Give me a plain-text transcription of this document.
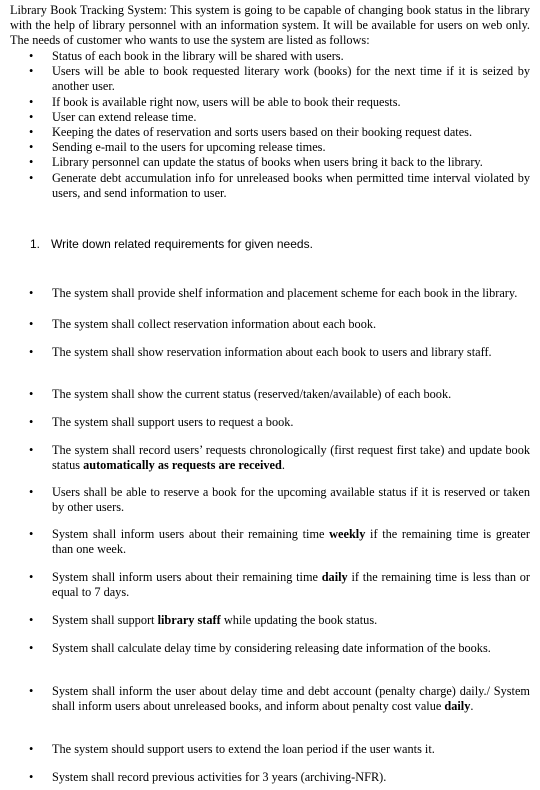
Library Book Tracking System: This system is going to be capable of changing book status in the library with the help of library personnel with an information system. It will be available for users on web only. The needs of customer who wants to use the system are listed as follows:
• Status of each book in the library will be shared with users.
• Users will be able to book requested literary work (books) for the next time if it is seized by another user.
• If book is available right now, users will be able to book their requests.
• User can extend release time.
• Keeping the dates of reservation and sorts users based on their booking request dates.
• Sending e-mail to the users for upcoming release times.
• Library personnel can update the status of books when users bring it back to the library.
• Generate debt accumulation info for unreleased books when permitted time interval violated by users, and send information to user.
1. Write down related requirements for given needs.
• The system shall provide shelf information and placement scheme for each book in the library.
• The system shall collect reservation information about each book.
• The system shall show reservation information about each book to users and library staff.
• The system shall show the current status (reserved/taken/available) of each book.
• The system shall support users to request a book.
• The system shall record users’ requests chronologically (first request first take) and update book status automatically as requests are received.
• Users shall be able to reserve a book for the upcoming available status if it is reserved or taken by other users.
• System shall inform users about their remaining time weekly if the remaining time is greater than one week.
• System shall inform users about their remaining time daily if the remaining time is less than or equal to 7 days.
• System shall support library staff while updating the book status.
• System shall calculate delay time by considering releasing date information of the books.
• System shall inform the user about delay time and debt account (penalty charge) daily./ System shall inform users about unreleased books, and inform about penalty cost value daily.
• The system should support users to extend the loan period if the user wants it.
• System shall record previous activities for 3 years (archiving-NFR).
